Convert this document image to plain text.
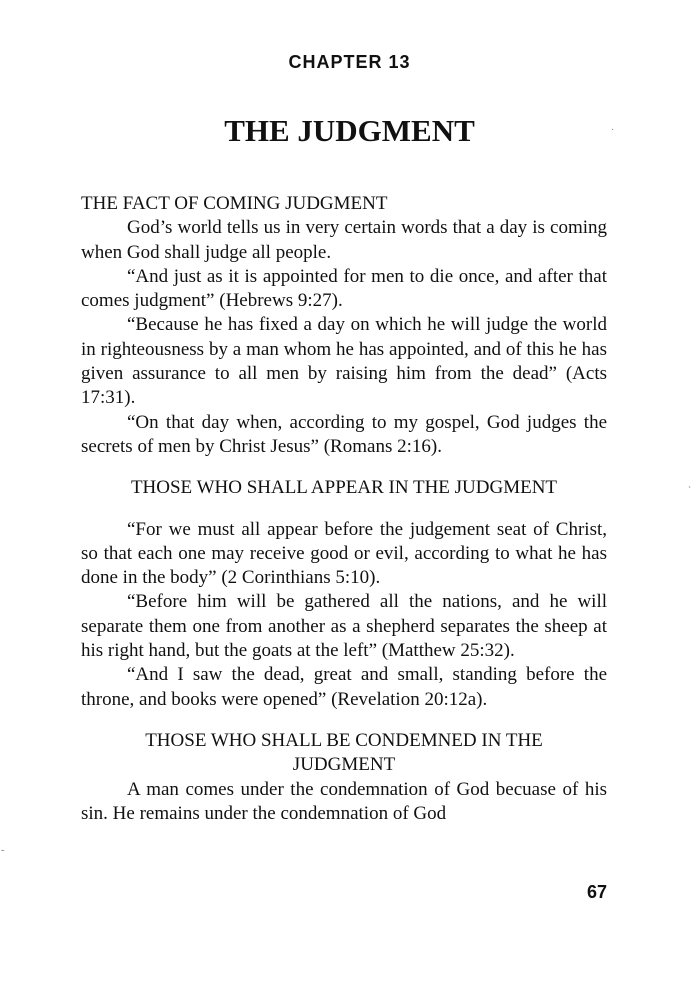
CHAPTER 13
THE JUDGMENT
THE FACT OF COMING JUDGMENT

God’s world tells us in very certain words that a day is coming when God shall judge all people.

“And just as it is appointed for men to die once, and after that comes judgment” (Hebrews 9:27).

“Because he has fixed a day on which he will judge the world in righteousness by a man whom he has appointed, and of this he has given assurance to all men by raising him from the dead” (Acts 17:31).

“On that day when, according to my gospel, God judges the secrets of men by Christ Jesus” (Romans 2:16).

THOSE WHO SHALL APPEAR IN THE JUDGMENT

“For we must all appear before the judgement seat of Christ, so that each one may receive good or evil, according to what he has done in the body” (2 Corinthians 5:10).

“Before him will be gathered all the nations, and he will separate them one from another as a shepherd separates the sheep at his right hand, but the goats at the left” (Matthew 25:32).

“And I saw the dead, great and small, standing before the throne, and books were opened” (Revelation 20:12a).

THOSE WHO SHALL BE CONDEMNED IN THE
JUDGMENT

A man comes under the condemnation of God becuase of his sin. He remains under the condemnation of God

67
·
ˋ
˗
